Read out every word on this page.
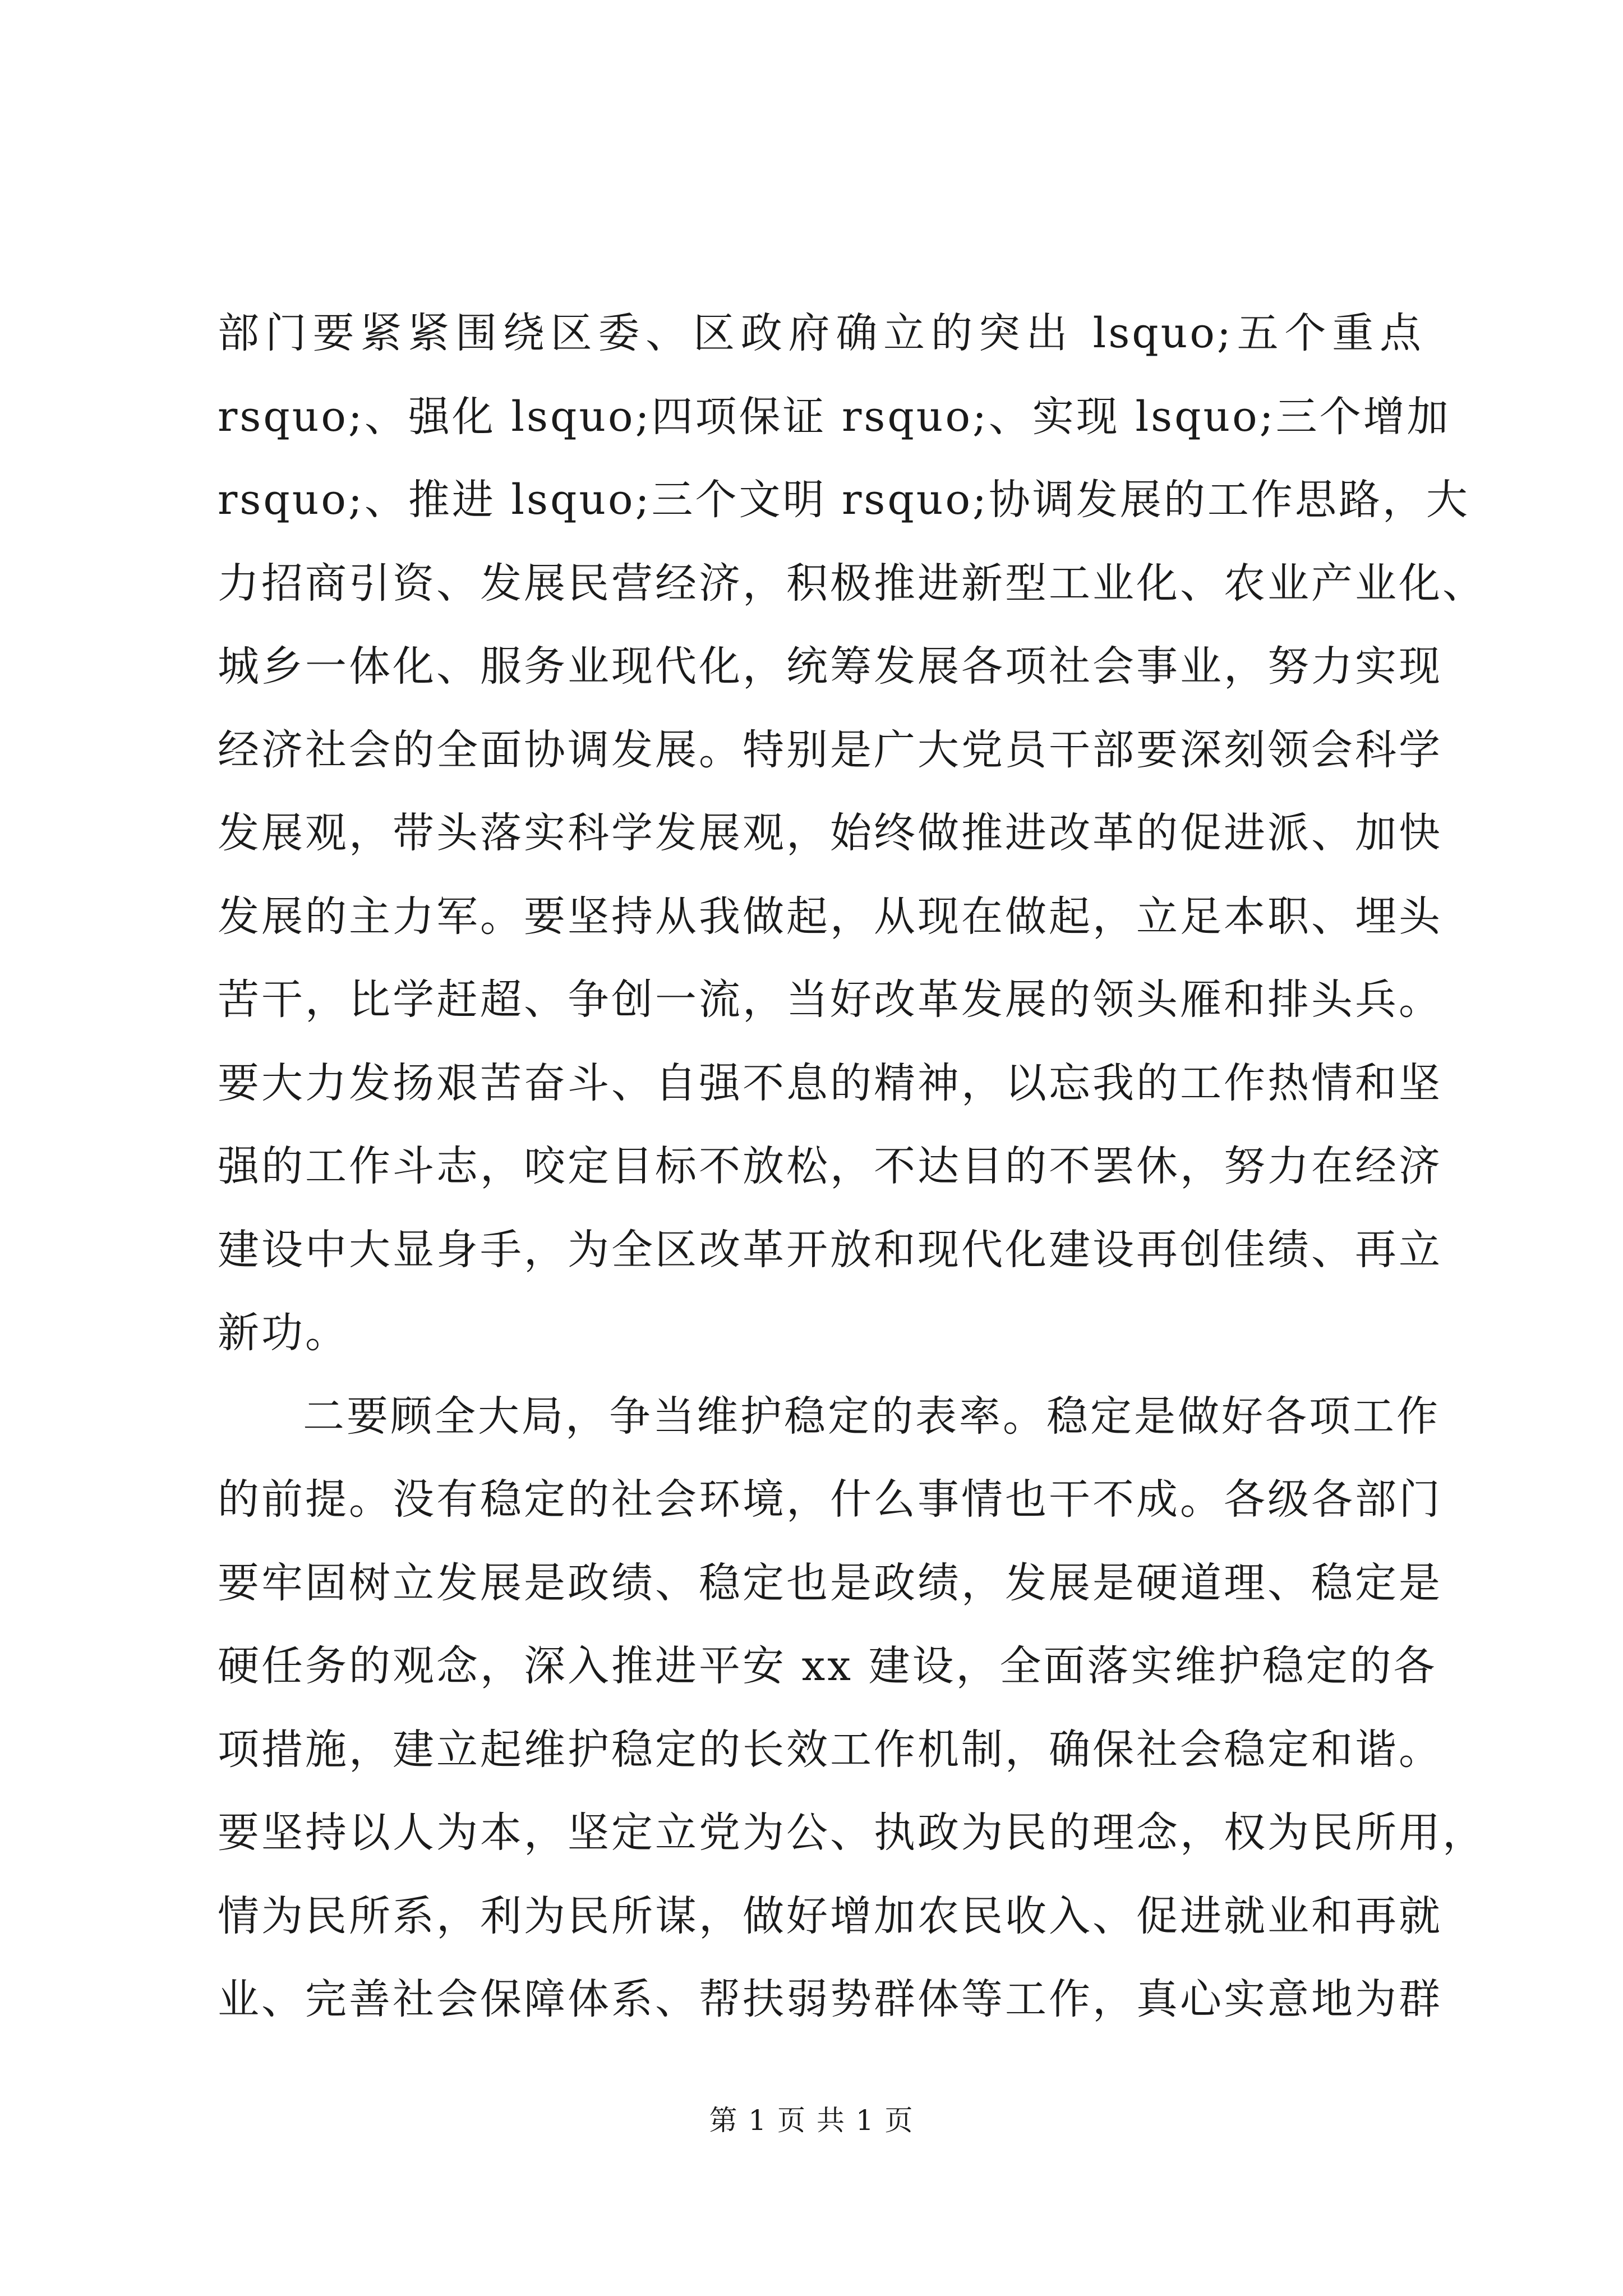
部门要紧紧围绕区委、区政府确立的突出 lsquo;五个重点
rsquo;、强化 lsquo;四项保证 rsquo;、实现 lsquo;三个增加
rsquo;、推进 lsquo;三个文明 rsquo;协调发展的工作思路，大
力招商引资、发展民营经济，积极推进新型工业化、农业产业化、
城乡一体化、服务业现代化，统筹发展各项社会事业，努力实现
经济社会的全面协调发展。特别是广大党员干部要深刻领会科学
发展观，带头落实科学发展观，始终做推进改革的促进派、加快
发展的主力军。要坚持从我做起，从现在做起，立足本职、埋头
苦干，比学赶超、争创一流，当好改革发展的领头雁和排头兵。
要大力发扬艰苦奋斗、自强不息的精神，以忘我的工作热情和坚
强的工作斗志，咬定目标不放松，不达目的不罢休，努力在经济
建设中大显身手，为全区改革开放和现代化建设再创佳绩、再立
新功。
二要顾全大局，争当维护稳定的表率。稳定是做好各项工作
的前提。没有稳定的社会环境，什么事情也干不成。各级各部门
要牢固树立发展是政绩、稳定也是政绩，发展是硬道理、稳定是
硬任务的观念，深入推进平安 xx 建设，全面落实维护稳定的各
项措施，建立起维护稳定的长效工作机制，确保社会稳定和谐。
要坚持以人为本，坚定立党为公、执政为民的理念，权为民所用，
情为民所系，利为民所谋，做好增加农民收入、促进就业和再就
业、完善社会保障体系、帮扶弱势群体等工作，真心实意地为群
第 1 页 共 1 页
